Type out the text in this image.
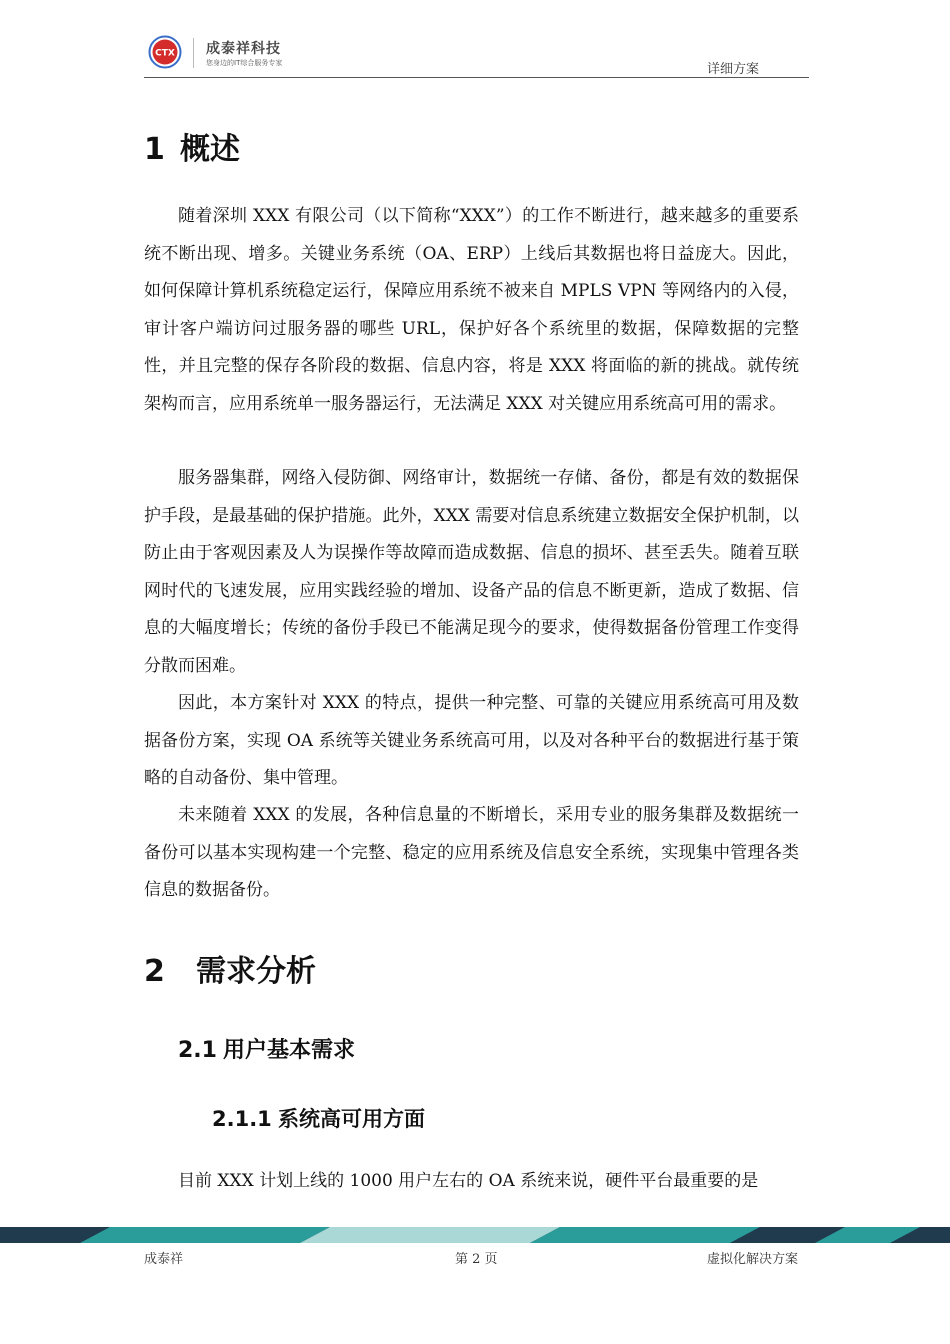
CTX 成泰祥科技
您身边的IT综合服务专家	详细方案
1 概述

随着深圳 XXX 有限公司（以下简称“XXX”）的工作不断进行，越来越多的重要系统不断出现、增多。关键业务系统（OA、ERP）上线后其数据也将日益庞大。因此，如何保障计算机系统稳定运行，保障应用系统不被来自 MPLS VPN 等网络内的入侵，审计客户端访问过服务器的哪些 URL，保护好各个系统里的数据，保障数据的完整性，并且完整的保存各阶段的数据、信息内容，将是 XXX 将面临的新的挑战。就传统架构而言，应用系统单一服务器运行，无法满足 XXX 对关键应用系统高可用的需求。

服务器集群，网络入侵防御、网络审计，数据统一存储、备份，都是有效的数据保护手段，是最基础的保护措施。此外，XXX 需要对信息系统建立数据安全保护机制，以防止由于客观因素及人为误操作等故障而造成数据、信息的损坏、甚至丢失。随着互联网时代的飞速发展，应用实践经验的增加、设备产品的信息不断更新，造成了数据、信息的大幅度增长；传统的备份手段已不能满足现今的要求，使得数据备份管理工作变得分散而困难。

因此，本方案针对 XXX 的特点，提供一种完整、可靠的关键应用系统高可用及数据备份方案，实现 OA 系统等关键业务系统高可用，以及对各种平台的数据进行基于策略的自动备份、集中管理。

未来随着 XXX 的发展，各种信息量的不断增长，采用专业的服务集群及数据统一备份可以基本实现构建一个完整、稳定的应用系统及信息安全系统，实现集中管理各类信息的数据备份。

2 需求分析
2.1 用户基本需求
2.1.1 系统高可用方面

目前 XXX 计划上线的 1000 用户左右的 OA 系统来说，硬件平台最重要的是

成泰祥	第 2 页	虚拟化解决方案
